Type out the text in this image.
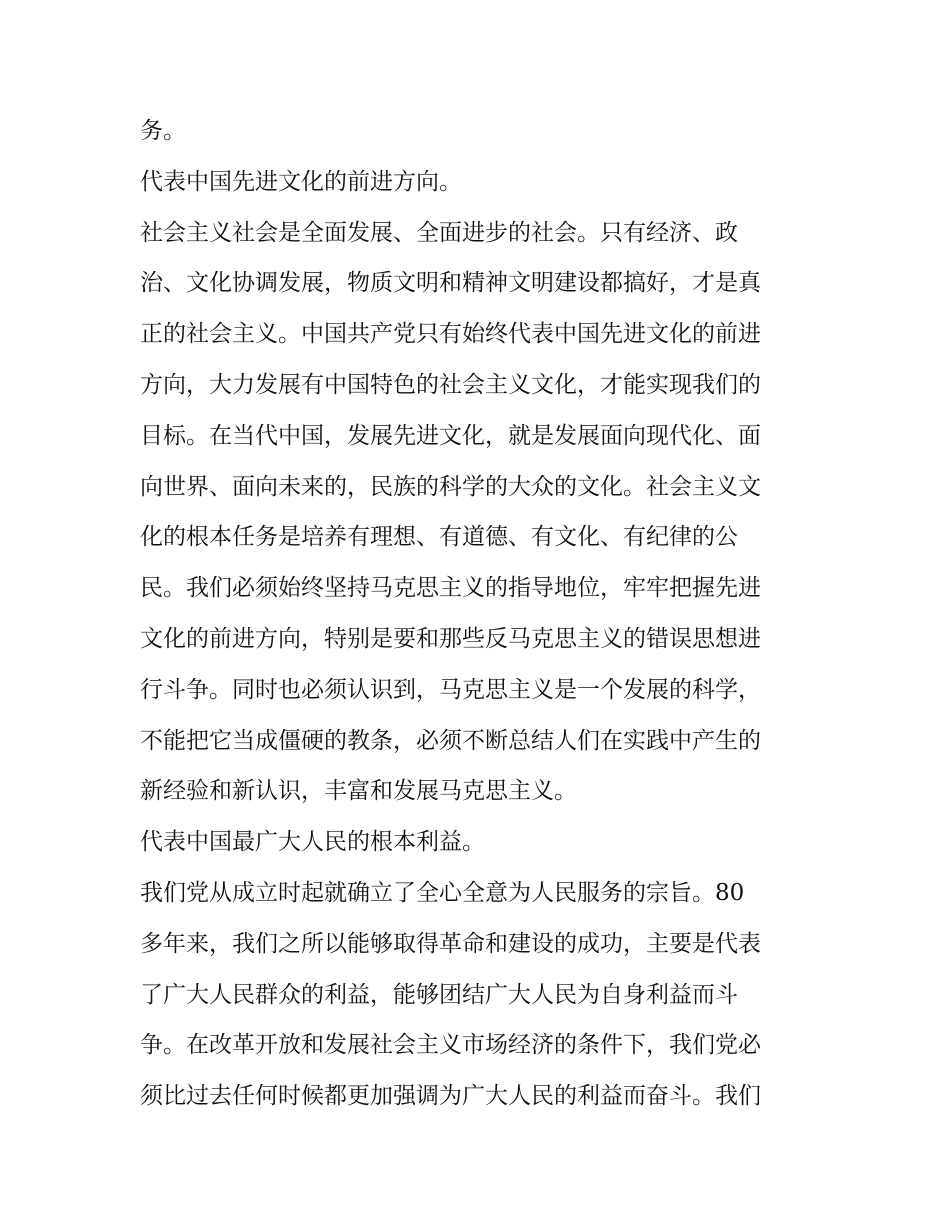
务。
代表中国先进文化的前进方向。
社会主义社会是全面发展、全面进步的社会。只有经济、政
治、文化协调发展，物质文明和精神文明建设都搞好，才是真
正的社会主义。中国共产党只有始终代表中国先进文化的前进
方向，大力发展有中国特色的社会主义文化，才能实现我们的
目标。在当代中国，发展先进文化，就是发展面向现代化、面
向世界、面向未来的，民族的科学的大众的文化。社会主义文
化的根本任务是培养有理想、有道德、有文化、有纪律的公
民。我们必须始终坚持马克思主义的指导地位，牢牢把握先进
文化的前进方向，特别是要和那些反马克思主义的错误思想进
行斗争。同时也必须认识到，马克思主义是一个发展的科学，
不能把它当成僵硬的教条，必须不断总结人们在实践中产生的
新经验和新认识，丰富和发展马克思主义。
代表中国最广大人民的根本利益。
我们党从成立时起就确立了全心全意为人民服务的宗旨。80
多年来，我们之所以能够取得革命和建设的成功，主要是代表
了广大人民群众的利益，能够团结广大人民为自身利益而斗
争。在改革开放和发展社会主义市场经济的条件下，我们党必
须比过去任何时候都更加强调为广大人民的利益而奋斗。我们
